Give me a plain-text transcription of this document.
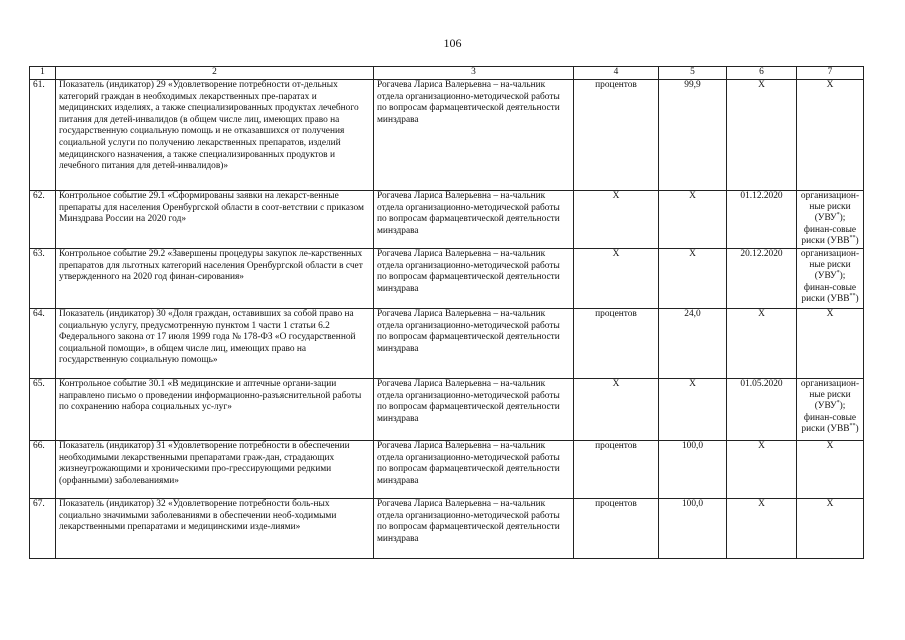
106
1	2	3	4	5	6	7
61.	Показатель (индикатор) 29 «Удовлетворение потребности от-дельных категорий граждан в необходимых лекарственных пре-паратах и медицинских изделиях, а также специализированных продуктах лечебного питания для детей-инвалидов (в общем числе лиц, имеющих право на государственную социальную помощь и не отказавшихся от получения социальной услуги по получению лекарственных препаратов, изделий медицинского назначения, а также специализированных продуктов и лечебного питания для детей-инвалидов)»	Рогачева Лариса Валерьевна – на-чальник отдела организационно-методической работы по вопросам фармацевтической деятельности минздрава	процентов	99,9	X	X
62.	Контрольное событие 29.1 «Сформированы заявки на лекарст-венные препараты для населения Оренбургской области в соот-ветствии с приказом Минздрава России на 2020 год»	Рогачева Лариса Валерьевна – на-чальник отдела организационно-методической работы по вопросам фармацевтической деятельности минздрава	X	X	01.12.2020	организацион-ные риски (УВУ*); финан-совые риски (УВВ**)
63.	Контрольное событие 29.2 «Завершены процедуры закупок ле-карственных препаратов для льготных категорий населения Оренбургской области в счет утвержденного на 2020 год финан-сирования»	Рогачева Лариса Валерьевна – на-чальник отдела организационно-методической работы по вопросам фармацевтической деятельности минздрава	X	X	20.12.2020	организацион-ные риски (УВУ*); финан-совые риски (УВВ**)
64.	Показатель (индикатор) 30 «Доля граждан, оставивших за собой право на социальную услугу, предусмотренную пунктом 1 части 1 статьи 6.2 Федерального закона от 17 июля 1999 года № 178-ФЗ «О государственной социальной помощи», в общем числе лиц, имеющих право на государственную социальную помощь»	Рогачева Лариса Валерьевна – на-чальник отдела организационно-методической работы по вопросам фармацевтической деятельности минздрава	процентов	24,0	X	X
65.	Контрольное событие 30.1 «В медицинские и аптечные органи-зации направлено письмо о проведении информационно-разъяснительной работы по сохранению набора социальных ус-луг»	Рогачева Лариса Валерьевна – на-чальник отдела организационно-методической работы по вопросам фармацевтической деятельности минздрава	X	X	01.05.2020	организацион-ные риски (УВУ*); финан-совые риски (УВВ**)
66.	Показатель (индикатор) 31 «Удовлетворение потребности в обеспечении необходимыми лекарственными препаратами граж-дан, страдающих жизнеугрожающими и хроническими про-грессирующими редкими (орфанными) заболеваниями»	Рогачева Лариса Валерьевна – на-чальник отдела организационно-методической работы по вопросам фармацевтической деятельности минздрава	процентов	100,0	X	X
67.	Показатель (индикатор) 32 «Удовлетворение потребности боль-ных социально значимыми заболеваниями в обеспечении необ-ходимыми лекарственными препаратами и медицинскими изде-лиями»	Рогачева Лариса Валерьевна – на-чальник отдела организационно-методической работы по вопросам фармацевтической деятельности минздрава	процентов	100,0	X	X
